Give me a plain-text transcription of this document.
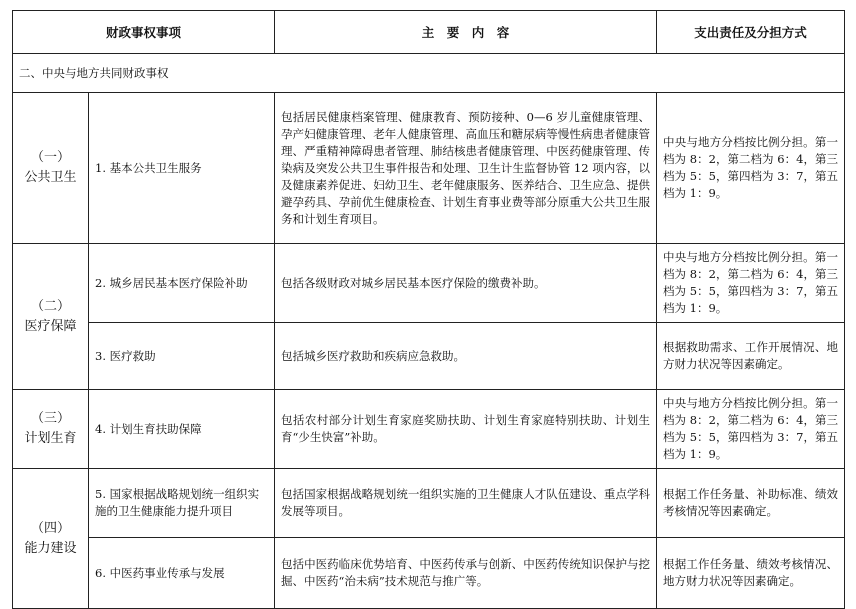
财政事权事项		主　要　内　容	支出责任及分担方式
二、中央与地方共同财政事权			

（一）
公共卫生	1. 基本公共卫生服务	包括居民健康档案管理、健康教育、预防接种、0—6 岁儿童健康管理、孕产妇健康管理、老年人健康管理、高血压和糖尿病等慢性病患者健康管理、严重精神障碍患者管理、肺结核患者健康管理、中医药健康管理、传染病及突发公共卫生事件报告和处理、卫生计生监督协管 12 项内容，以及健康素养促进、妇幼卫生、老年健康服务、医养结合、卫生应急、提供避孕药具、孕前优生健康检查、计划生育事业费等部分原重大公共卫生服务和计划生育项目。	中央与地方分档按比例分担。第一档为 8：2，第二档为 6：4，第三档为 5：5，第四档为 3：7，第五档为 1：9。

（二）
医疗保障	2. 城乡居民基本医疗保险补助	包括各级财政对城乡居民基本医疗保险的缴费补助。	中央与地方分档按比例分担。第一档为 8：2，第二档为 6：4，第三档为 5：5，第四档为 3：7，第五档为 1：9。
	3. 医疗救助	包括城乡医疗救助和疾病应急救助。	根据救助需求、工作开展情况、地方财力状况等因素确定。

（三）
计划生育	4. 计划生育扶助保障	包括农村部分计划生育家庭奖励扶助、计划生育家庭特别扶助、计划生育“少生快富”补助。	中央与地方分档按比例分担。第一档为 8：2，第二档为 6：4，第三档为 5：5，第四档为 3：7，第五档为 1：9。

（四）
能力建设	5. 国家根据战略规划统一组织实施的卫生健康能力提升项目	包括国家根据战略规划统一组织实施的卫生健康人才队伍建设、重点学科发展等项目。	根据工作任务量、补助标准、绩效考核情况等因素确定。
	6. 中医药事业传承与发展	包括中医药临床优势培育、中医药传承与创新、中医药传统知识保护与挖掘、中医药“治未病”技术规范与推广等。	根据工作任务量、绩效考核情况、地方财力状况等因素确定。
